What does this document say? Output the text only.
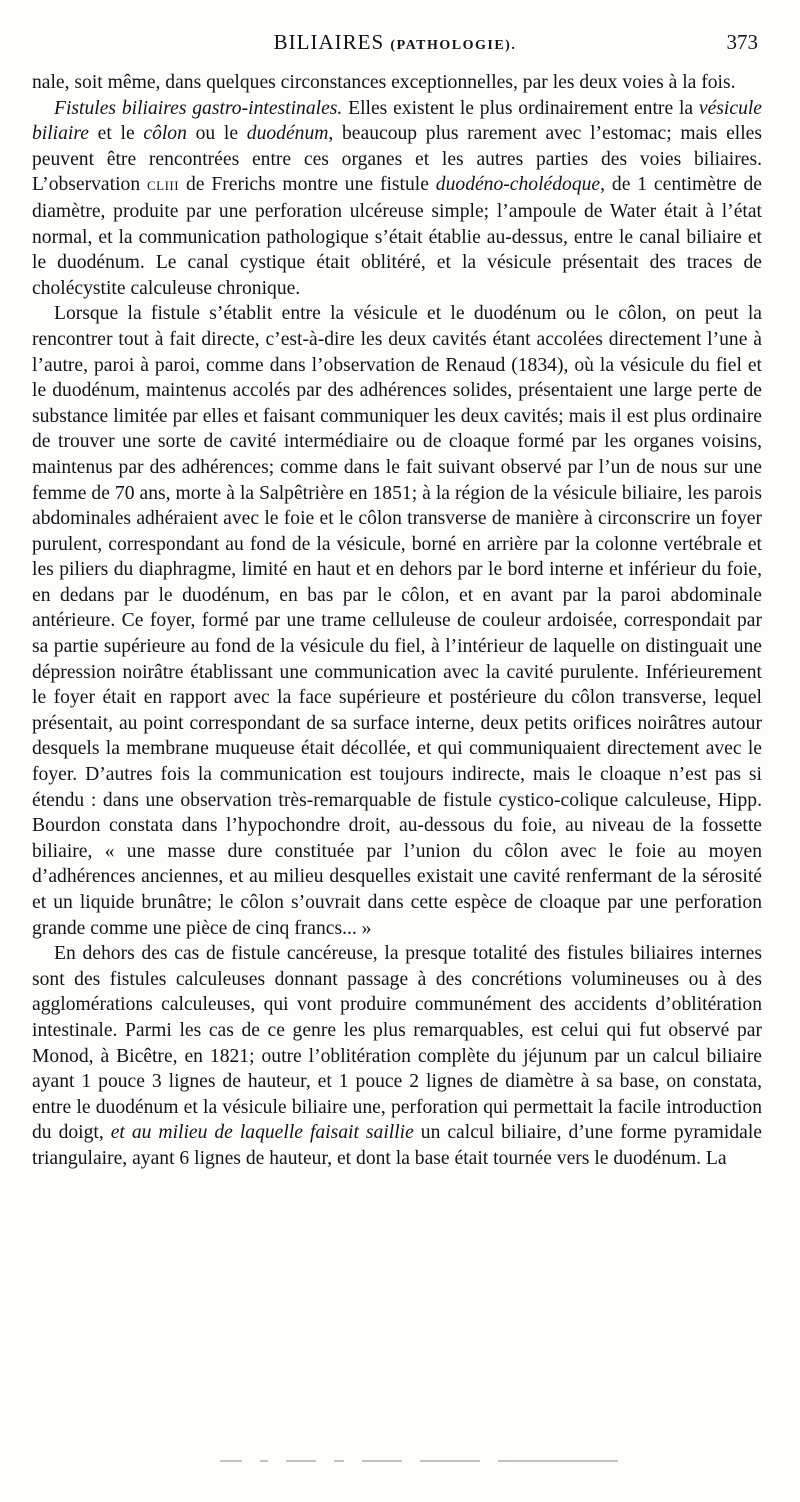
BILIAIRES (PATHOLOGIE).	373

nale, soit même, dans quelques circonstances exceptionnelles, par les deux voies à la fois.

Fistules biliaires gastro-intestinales. Elles existent le plus ordinairement entre la vésicule biliaire et le côlon ou le duodénum, beaucoup plus rarement avec l’estomac; mais elles peuvent être rencontrées entre ces organes et les autres parties des voies biliaires. L’observation CLIII de Frerichs montre une fistule duodéno-cholédoque, de 1 centimètre de diamètre, produite par une perforation ulcéreuse simple; l’ampoule de Water était à l’état normal, et la communication pathologique s’était établie au-dessus, entre le canal biliaire et le duodénum. Le canal cystique était oblitéré, et la vésicule présentait des traces de cholécystite calculeuse chronique.

Lorsque la fistule s’établit entre la vésicule et le duodénum ou le côlon, on peut la rencontrer tout à fait directe, c’est-à-dire les deux cavités étant accolées directement l’une à l’autre, paroi à paroi, comme dans l’observation de Renaud (1834), où la vésicule du fiel et le duodénum, maintenus accolés par des adhérences solides, présentaient une large perte de substance limitée par elles et faisant communiquer les deux cavités; mais il est plus ordinaire de trouver une sorte de cavité intermédiaire ou de cloaque formé par les organes voisins, maintenus par des adhérences; comme dans le fait suivant observé par l’un de nous sur une femme de 70 ans, morte à la Salpêtrière en 1851; à la région de la vésicule biliaire, les parois abdominales adhéraient avec le foie et le côlon transverse de manière à circonscrire un foyer purulent, correspondant au fond de la vésicule, borné en arrière par la colonne vertébrale et les piliers du diaphragme, limité en haut et en dehors par le bord interne et inférieur du foie, en dedans par le duodénum, en bas par le côlon, et en avant par la paroi abdominale antérieure. Ce foyer, formé par une trame celluleuse de couleur ardoisée, correspondait par sa partie supérieure au fond de la vésicule du fiel, à l’intérieur de laquelle on distinguait une dépression noirâtre établissant une communication avec la cavité purulente. Inférieurement le foyer était en rapport avec la face supérieure et postérieure du côlon transverse, lequel présentait, au point correspondant de sa surface interne, deux petits orifices noirâtres autour desquels la membrane muqueuse était décollée, et qui communiquaient directement avec le foyer. D’autres fois la communication est toujours indirecte, mais le cloaque n’est pas si étendu : dans une observation très-remarquable de fistule cystico-colique calculeuse, Hipp. Bourdon constata dans l’hypochondre droit, au-dessous du foie, au niveau de la fossette biliaire, « une masse dure constituée par l’union du côlon avec le foie au moyen d’adhérences anciennes, et au milieu desquelles existait une cavité renfermant de la sérosité et un liquide brunâtre; le côlon s’ouvrait dans cette espèce de cloaque par une perforation grande comme une pièce de cinq francs... »

En dehors des cas de fistule cancéreuse, la presque totalité des fistules biliaires internes sont des fistules calculeuses donnant passage à des concrétions volumineuses ou à des agglomérations calculeuses, qui vont produire communément des accidents d’oblitération intestinale. Parmi les cas de ce genre les plus remarquables, est celui qui fut observé par Monod, à Bicêtre, en 1821; outre l’oblitération complète du jéjunum par un calcul biliaire ayant 1 pouce 3 lignes de hauteur, et 1 pouce 2 lignes de diamètre à sa base, on constata, entre le duodénum et la vésicule biliaire une, perforation qui permettait la facile introduction du doigt, et au milieu de laquelle faisait saillie un calcul biliaire, d’une forme pyramidale triangulaire, ayant 6 lignes de hauteur, et dont la base était tournée vers le duodénum. La
